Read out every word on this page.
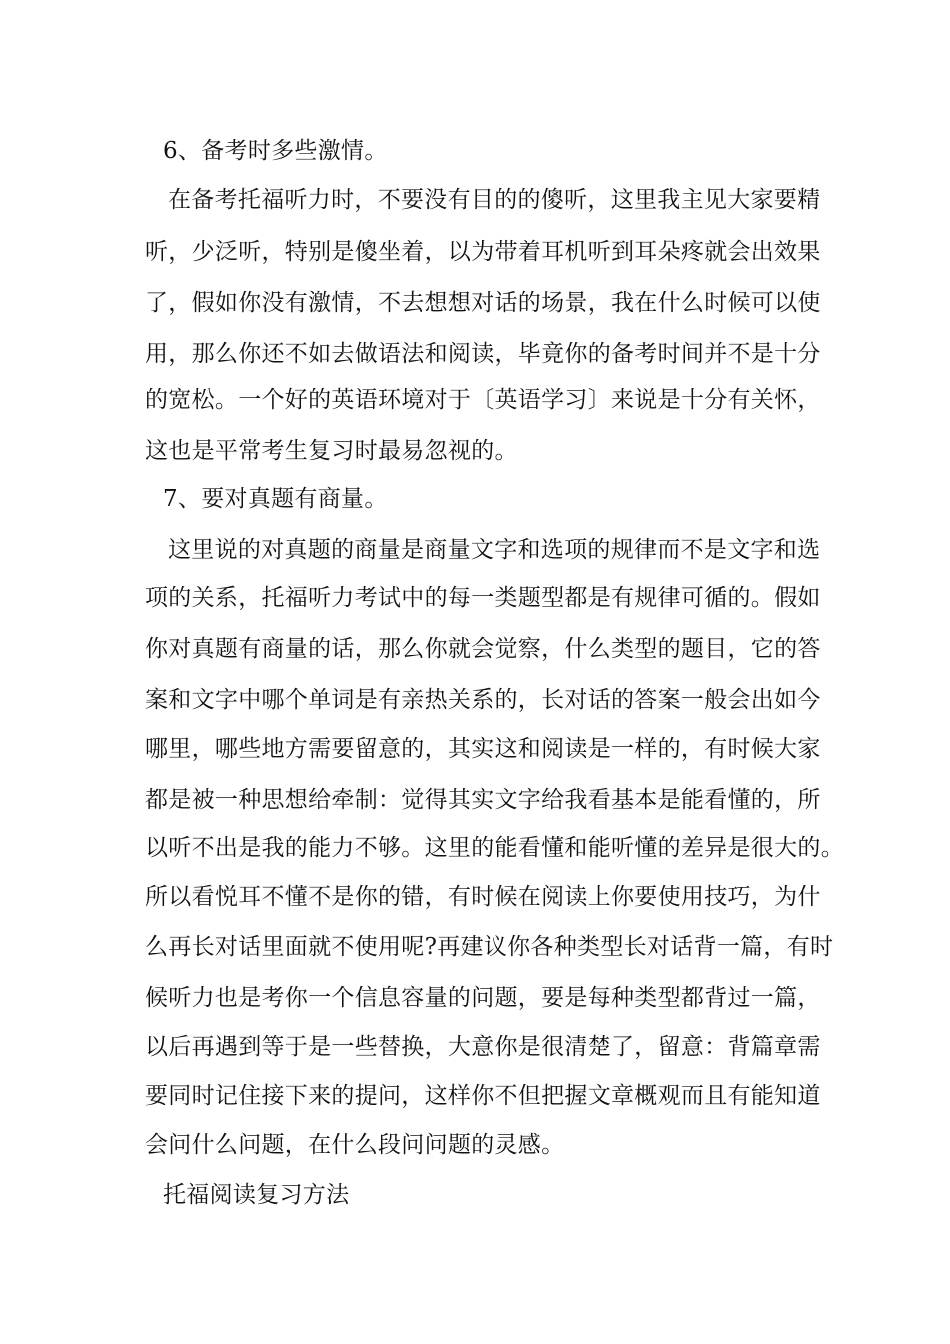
6、备考时多些激情。
在备考托福听力时，不要没有目的的傻听，这里我主见大家要精
听，少泛听，特别是傻坐着，以为带着耳机听到耳朵疼就会出效果
了，假如你没有激情，不去想想对话的场景，我在什么时候可以使
用，那么你还不如去做语法和阅读，毕竟你的备考时间并不是十分
的宽松。一个好的英语环境对于〔英语学习〕来说是十分有关怀，
这也是平常考生复习时最易忽视的。
7、要对真题有商量。
这里说的对真题的商量是商量文字和选项的规律而不是文字和选
项的关系，托福听力考试中的每一类题型都是有规律可循的。假如
你对真题有商量的话，那么你就会觉察，什么类型的题目，它的答
案和文字中哪个单词是有亲热关系的，长对话的答案一般会出如今
哪里，哪些地方需要留意的，其实这和阅读是一样的，有时候大家
都是被一种思想给牵制：觉得其实文字给我看基本是能看懂的，所
以听不出是我的能力不够。这里的能看懂和能听懂的差异是很大的。
所以看悦耳不懂不是你的错，有时候在阅读上你要使用技巧，为什
么再长对话里面就不使用呢?再建议你各种类型长对话背一篇，有时
候听力也是考你一个信息容量的问题，要是每种类型都背过一篇，
以后再遇到等于是一些替换，大意你是很清楚了，留意：背篇章需
要同时记住接下来的提问，这样你不但把握文章概观而且有能知道
会问什么问题，在什么段问问题的灵感。
托福阅读复习方法
